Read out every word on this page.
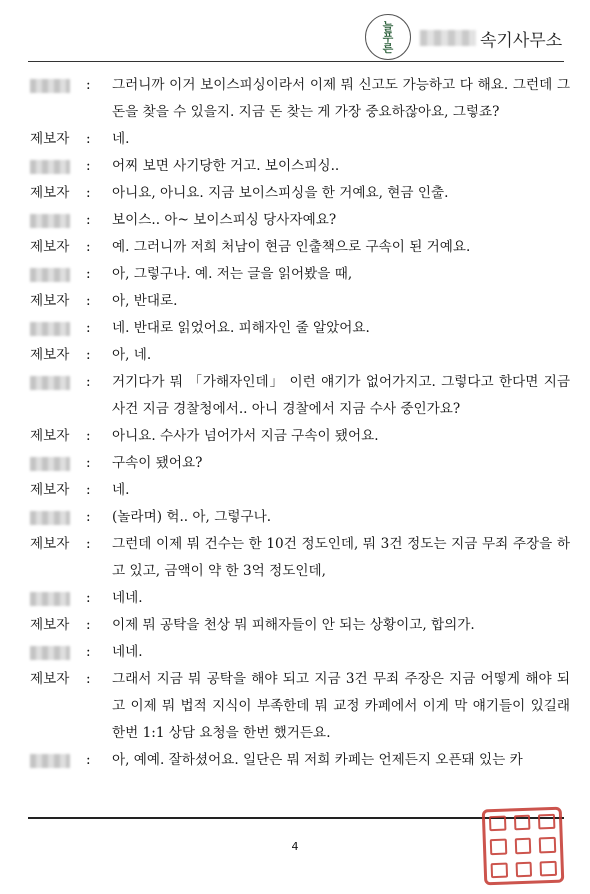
늘
푸
른	속기사무소
:	그러니까 이거 보이스피싱이라서 이제 뭐 신고도 가능하고 다 해요. 그런데 그 돈을 찾을 수 있을지. 지금 돈 찾는 게 가장 중요하잖아요, 그렇죠?
제보자	:	네.
:	어찌 보면 사기당한 거고. 보이스피싱..
제보자	:	아니요, 아니요. 지금 보이스피싱을 한 거예요, 현금 인출.
:	보이스.. 아~ 보이스피싱 당사자예요?
제보자	:	예. 그러니까 저희 처남이 현금 인출책으로 구속이 된 거예요.
:	아, 그렇구나. 예. 저는 글을 읽어봤을 때,
제보자	:	아, 반대로.
:	네. 반대로 읽었어요. 피해자인 줄 알았어요.
제보자	:	아, 네.
:	거기다가 뭐 「가해자인데」 이런 얘기가 없어가지고. 그렇다고 한다면 지금 사건 지금 경찰청에서.. 아니 경찰에서 지금 수사 중인가요?
제보자	:	아니요. 수사가 넘어가서 지금 구속이 됐어요.
:	구속이 됐어요?
제보자	:	네.
:	(놀라며) 헉.. 아, 그렇구나.
제보자	:	그런데 이제 뭐 건수는 한 10건 정도인데, 뭐 3건 정도는 지금 무죄 주장을 하고 있고, 금액이 약 한 3억 정도인데,
:	네네.
제보자	:	이제 뭐 공탁을 천상 뭐 피해자들이 안 되는 상황이고, 합의가.
:	네네.
제보자	:	그래서 지금 뭐 공탁을 해야 되고 지금 3건 무죄 주장은 지금 어떻게 해야 되고 이제 뭐 법적 지식이 부족한데 뭐 교정 카페에서 이게 막 얘기들이 있길래 한번 1:1 상담 요청을 한번 했거든요.
:	아, 예예. 잘하셨어요. 일단은 뭐 저희 카페는 언제든지 오픈돼 있는 카
4
